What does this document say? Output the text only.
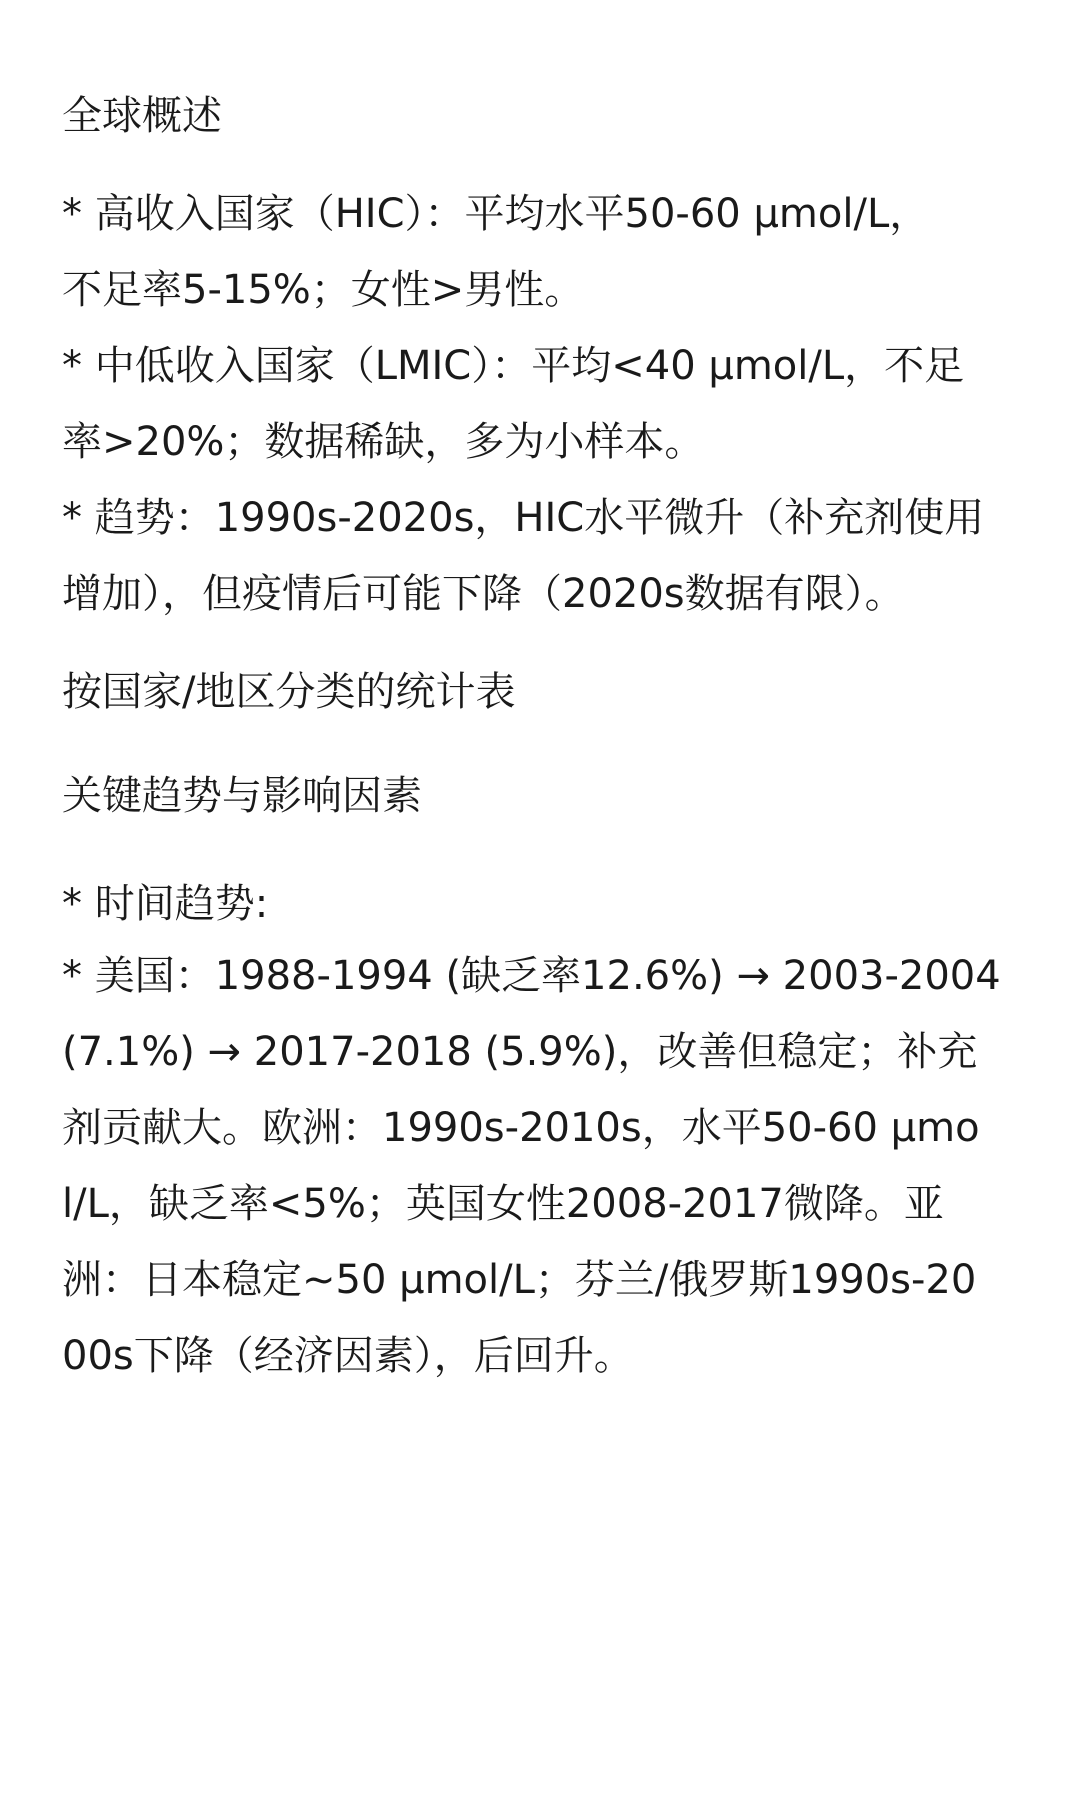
全球概述

* 高收入国家（HIC）：平均水平50-60 μmol/L，

不足率5-15%；女性>男性。

* 中低收入国家（LMIC）：平均<40 μmol/L，不足

率>20%；数据稀缺，多为小样本。

* 趋势：1990s-2020s，HIC水平微升（补充剂使用

增加），但疫情后可能下降（2020s数据有限）。

按国家/地区分类的统计表

关键趋势与影响因素

* 时间趋势:

* 美国：1988-1994 (缺乏率12.6%) → 2003-2004

(7.1%) → 2017-2018 (5.9%)，改善但稳定；补充

剂贡献大。欧洲：1990s-2010s，水平50-60 μmo

l/L，缺乏率<5%；英国女性2008-2017微降。亚

洲：日本稳定~50 μmol/L；芬兰/俄罗斯1990s-20

00s下降（经济因素），后回升。
